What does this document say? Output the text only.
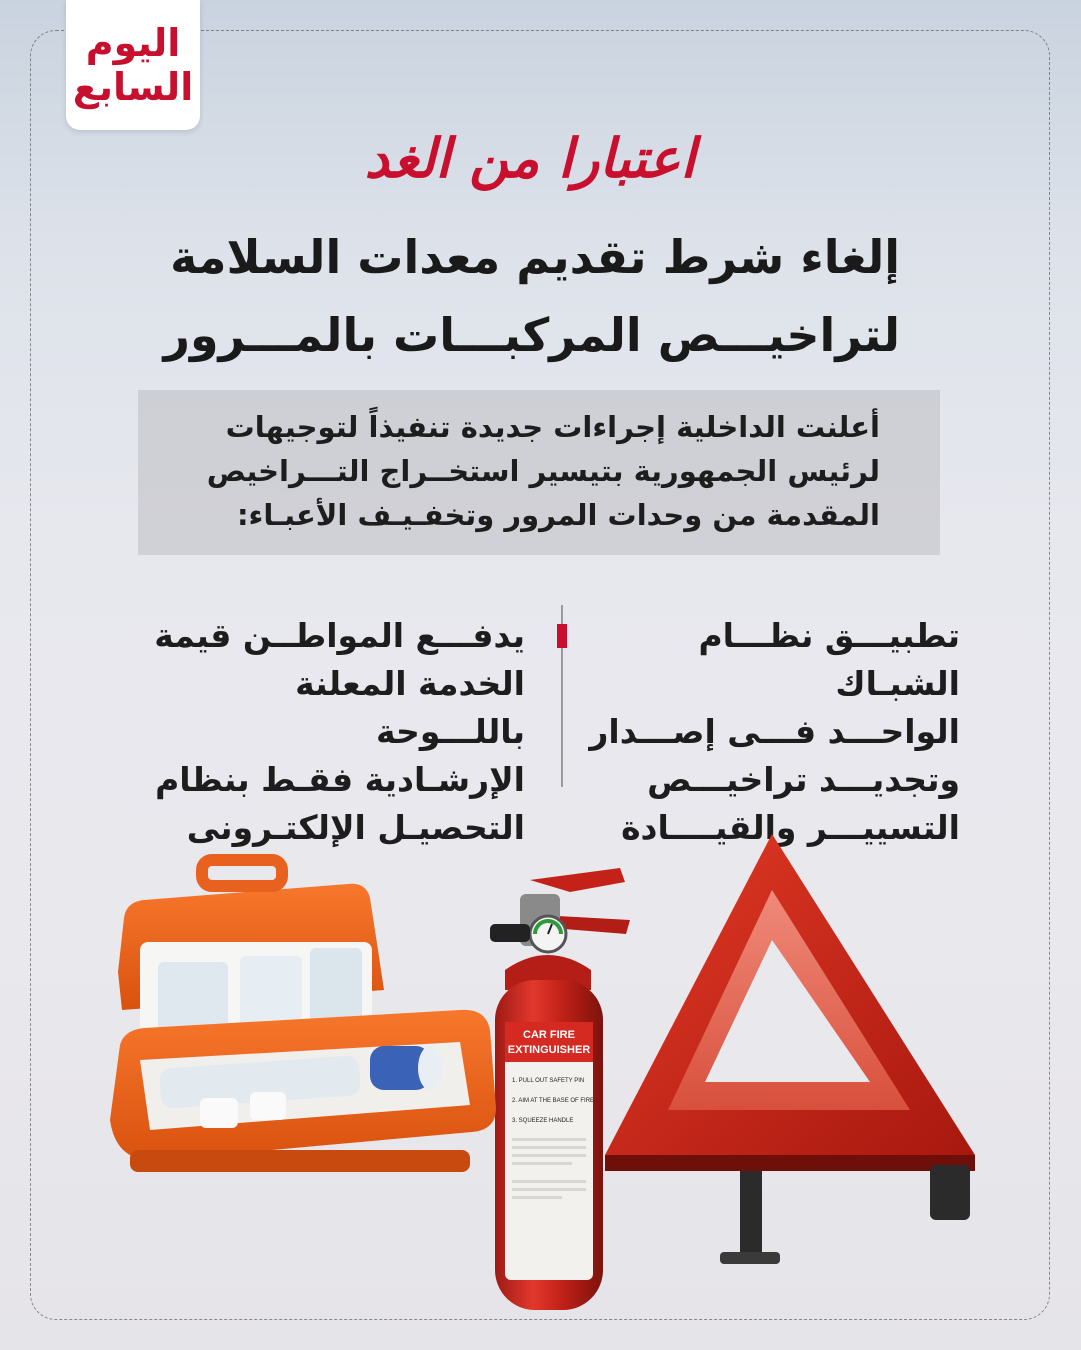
اليوم
السابع
اعتبارا من الغد
إلغاء شرط تقديم معدات السلامة
لتراخيـــص المركبـــات بالمـــرور
أعلنت الداخلية إجراءات جديدة تنفيذاً لتوجيهات
لرئيس الجمهورية بتيسير استخــراج التـــراخيص
المقدمة من وحدات المرور وتخفـيـف الأعبـاء:
تطبيـــق نظـــام الشبـاك
الواحـــد فـــى إصـــدار
وتجديـــد تراخيـــص
التسييـــر والقيــــادة
يدفـــع المواطــن قيمة
الخدمة المعلنة باللـــوحة
الإرشـادية فقـط بنظام
التحصيـل الإلكتـرونى
CAR FIRE
EXTINGUISHER
1. PULL OUT SAFETY PIN
2. AIM AT THE BASE OF FIRE
3. SQUEEZE HANDLE
